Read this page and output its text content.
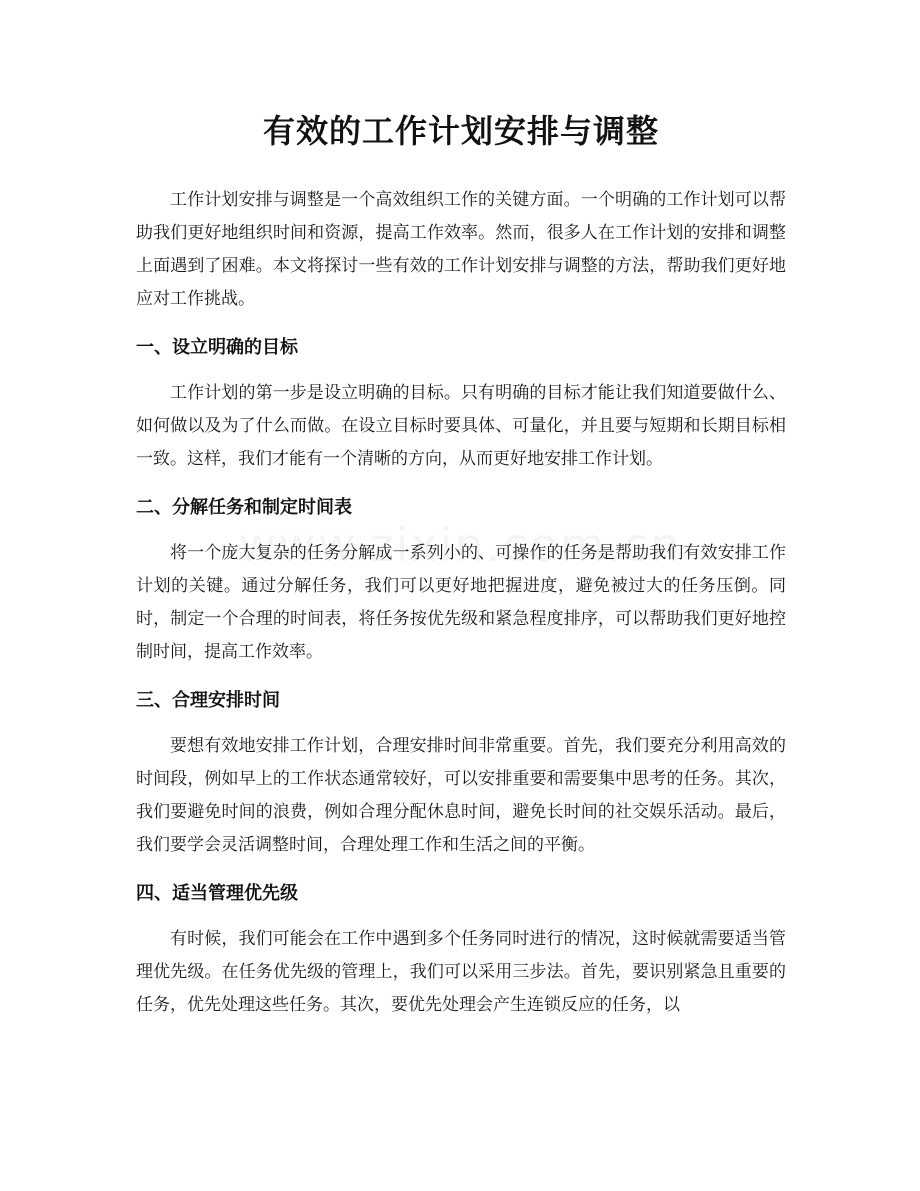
有效的工作计划安排与调整

工作计划安排与调整是一个高效组织工作的关键方面。一个明确的工作计划可以帮助我们更好地组织时间和资源，提高工作效率。然而，很多人在工作计划的安排和调整上面遇到了困难。本文将探讨一些有效的工作计划安排与调整的方法，帮助我们更好地应对工作挑战。

一、设立明确的目标

工作计划的第一步是设立明确的目标。只有明确的目标才能让我们知道要做什么、如何做以及为了什么而做。在设立目标时要具体、可量化，并且要与短期和长期目标相一致。这样，我们才能有一个清晰的方向，从而更好地安排工作计划。

二、分解任务和制定时间表

将一个庞大复杂的任务分解成一系列小的、可操作的任务是帮助我们有效安排工作计划的关键。通过分解任务，我们可以更好地把握进度，避免被过大的任务压倒。同时，制定一个合理的时间表，将任务按优先级和紧急程度排序，可以帮助我们更好地控制时间，提高工作效率。

三、合理安排时间

要想有效地安排工作计划，合理安排时间非常重要。首先，我们要充分利用高效的时间段，例如早上的工作状态通常较好，可以安排重要和需要集中思考的任务。其次，我们要避免时间的浪费，例如合理分配休息时间，避免长时间的社交娱乐活动。最后，我们要学会灵活调整时间，合理处理工作和生活之间的平衡。

四、适当管理优先级

有时候，我们可能会在工作中遇到多个任务同时进行的情况，这时候就需要适当管理优先级。在任务优先级的管理上，我们可以采用三步法。首先，要识别紧急且重要的任务，优先处理这些任务。其次，要优先处理会产生连锁反应的任务，以
